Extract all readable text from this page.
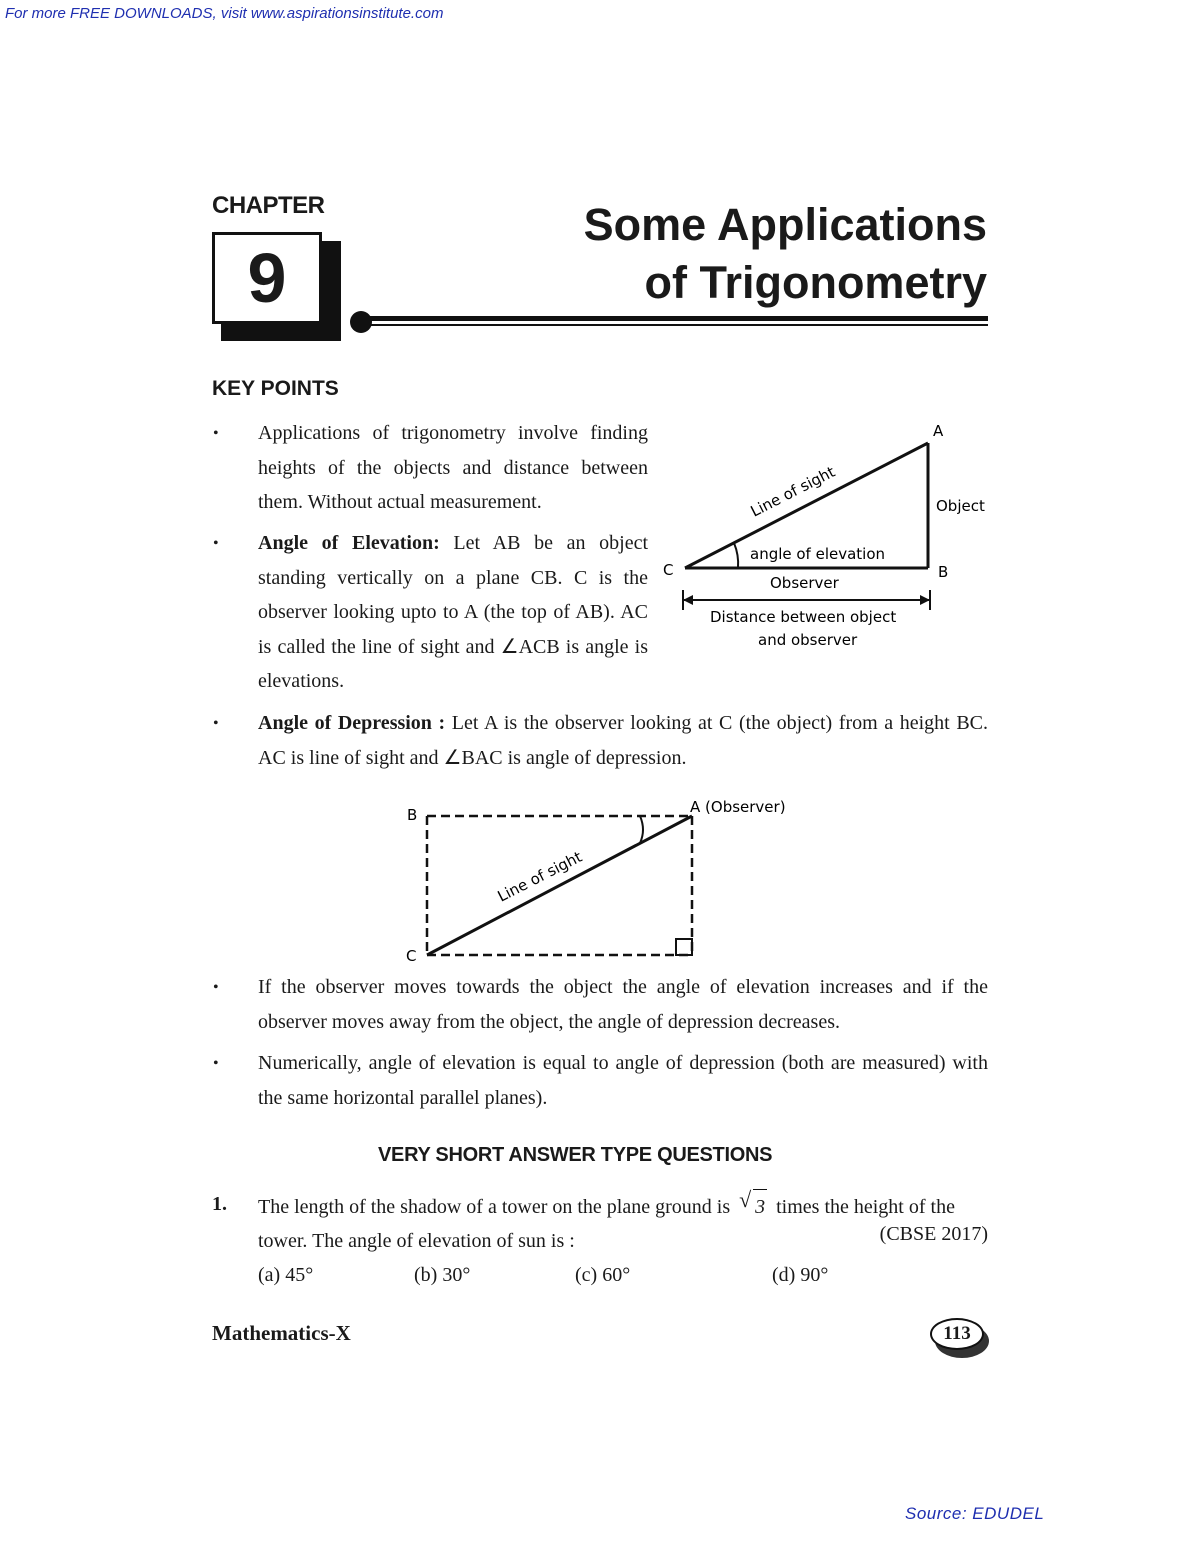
For more FREE DOWNLOADS, visit www.aspirationsinstitute.com
CHAPTER
9
Some Applications
of Trigonometry
KEY POINTS
• Applications of trigonometry involve finding heights of the objects and distance between them. Without actual measurement.
• Angle of Elevation: Let AB be an object standing vertically on a plane CB. C is the observer looking upto to A (the top of AB). AC is called the line of sight and ∠ACB is angle is elevations.
A
B
C
Object
Line of sight
angle of elevation
Observer
Distance between object
and observer
• Angle of Depression : Let A is the observer looking at C (the object) from a height BC. AC is line of sight and ∠BAC is angle of depression.
A (Observer)
B
C
Line of sight
• If the observer moves towards the object the angle of elevation increases and if the observer moves away from the object, the angle of depression decreases.
• Numerically, angle of elevation is equal to angle of depression (both are measured) with the same horizontal parallel planes).
VERY SHORT ANSWER TYPE QUESTIONS
1. The length of the shadow of a tower on the plane ground is √ 3 times the height of the tower. The angle of elevation of sun is :	(CBSE 2017)
(a) 45°	(b) 30°	(c) 60°	(d) 90°
Mathematics-X	113
Source: EDUDEL
